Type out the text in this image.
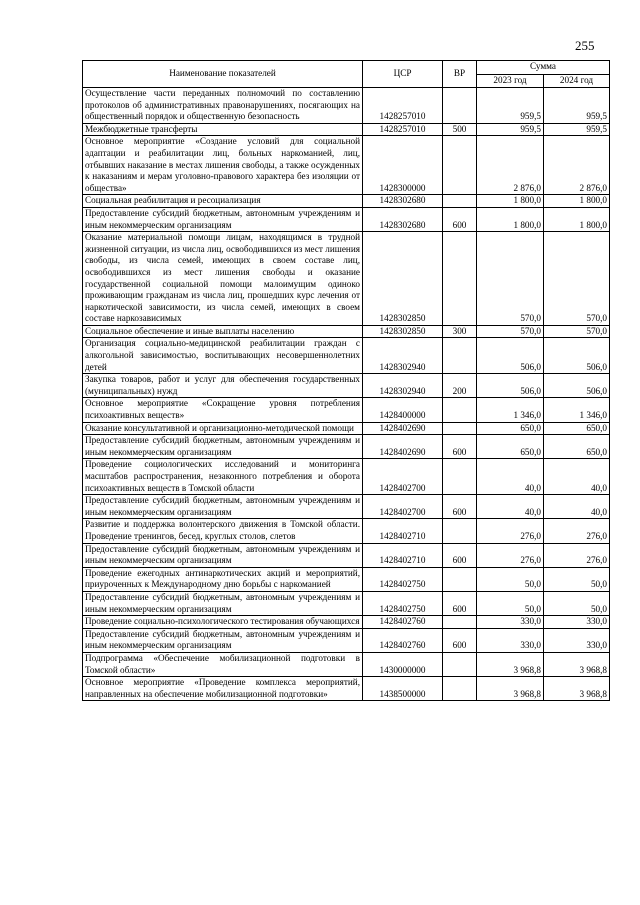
255
Наименование показателей	ЦСР	ВР	Сумма	
			2023 год	2024 год
Осуществление части переданных полномочий по составлению протоколов об административных правонарушениях, посягающих на общественный порядок и общественную безопасность	1428257010		959,5	959,5
Межбюджетные трансферты	1428257010	500	959,5	959,5
Основное мероприятие «Создание условий для социальной адаптации и реабилитации лиц, больных наркоманией, лиц, отбывших наказание в местах лишения свободы, а также осужденных к наказаниям и мерам уголовно-правового характера без изоляции от общества»	1428300000		2 876,0	2 876,0
Социальная реабилитация и ресоциализация	1428302680		1 800,0	1 800,0
Предоставление субсидий бюджетным, автономным учреждениям и иным некоммерческим организациям	1428302680	600	1 800,0	1 800,0
Оказание материальной помощи лицам, находящимся в трудной жизненной ситуации, из числа лиц, освободившихся из мест лишения свободы, из числа семей, имеющих в своем составе лиц, освободившихся из мест лишения свободы и оказание государственной социальной помощи малоимущим одиноко проживающим гражданам из числа лиц, прошедших курс лечения от наркотической зависимости, из числа семей, имеющих в своем составе наркозависимых	1428302850		570,0	570,0
Социальное обеспечение и иные выплаты населению	1428302850	300	570,0	570,0
Организация социально-медицинской реабилитации граждан с алкогольной зависимостью, воспитывающих несовершеннолетних детей	1428302940		506,0	506,0
Закупка товаров, работ и услуг для обеспечения государственных (муниципальных) нужд	1428302940	200	506,0	506,0
Основное мероприятие «Сокращение уровня потребления психоактивных веществ»	1428400000		1 346,0	1 346,0
Оказание консультативной и организационно-методической помощи	1428402690		650,0	650,0
Предоставление субсидий бюджетным, автономным учреждениям и иным некоммерческим организациям	1428402690	600	650,0	650,0
Проведение социологических исследований и мониторинга масштабов распространения, незаконного потребления и оборота психоактивных веществ в Томской области	1428402700		40,0	40,0
Предоставление субсидий бюджетным, автономным учреждениям и иным некоммерческим организациям	1428402700	600	40,0	40,0
Развитие и поддержка волонтерского движения в Томской области. Проведение тренингов, бесед, круглых столов, слетов	1428402710		276,0	276,0
Предоставление субсидий бюджетным, автономным учреждениям и иным некоммерческим организациям	1428402710	600	276,0	276,0
Проведение ежегодных антинаркотических акций и мероприятий, приуроченных к Международному дню борьбы с наркоманией	1428402750		50,0	50,0
Предоставление субсидий бюджетным, автономным учреждениям и иным некоммерческим организациям	1428402750	600	50,0	50,0
Проведение социально-психологического тестирования обучающихся	1428402760		330,0	330,0
Предоставление субсидий бюджетным, автономным учреждениям и иным некоммерческим организациям	1428402760	600	330,0	330,0
Подпрограмма «Обеспечение мобилизационной подготовки в Томской области»	1430000000		3 968,8	3 968,8
Основное мероприятие «Проведение комплекса мероприятий, направленных на обеспечение мобилизационной подготовки»	1438500000		3 968,8	3 968,8
